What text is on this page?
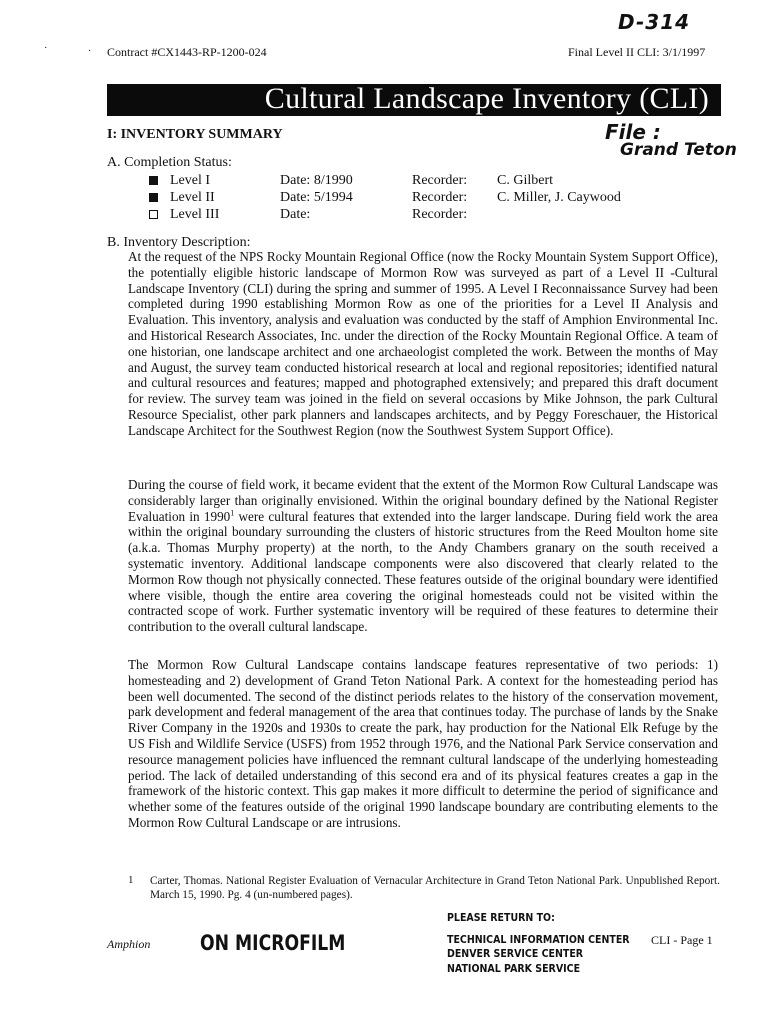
D-314
·	· Contract #CX1443-RP-1200-024	Final Level II CLI: 3/1/1997
Cultural Landscape Inventory (CLI)
I: INVENTORY SUMMARY	File :
Grand Teton
A. Completion Status:
Level I	Date: 8/1990	Recorder: C. Gilbert
Level II	Date: 5/1994	Recorder: C. Miller, J. Caywood
Level III	Date:	Recorder:
B. Inventory Description:

At the request of the NPS Rocky Mountain Regional Office (now the Rocky Mountain System Support Office), the potentially eligible historic landscape of Mormon Row was surveyed as part of a Level II -Cultural Landscape Inventory (CLI) during the spring and summer of 1995. A Level I Reconnaissance Survey had been completed during 1990 establishing Mormon Row as one of the priorities for a Level II Analysis and Evaluation. This inventory, analysis and evaluation was conducted by the staff of Amphion Environmental Inc. and Historical Research Associates, Inc. under the direction of the Rocky Mountain Regional Office. A team of one historian, one landscape architect and one archaeologist completed the work. Between the months of May and August, the survey team conducted historical research at local and regional repositories; identified natural and cultural resources and features; mapped and photographed extensively; and prepared this draft document for review. The survey team was joined in the field on several occasions by Mike Johnson, the park Cultural Resource Specialist, other park planners and landscapes architects, and by Peggy Foreschauer, the Historical Landscape Architect for the Southwest Region (now the Southwest System Support Office).

During the course of field work, it became evident that the extent of the Mormon Row Cultural Landscape was considerably larger than originally envisioned. Within the original boundary defined by the National Register Evaluation in 1990$^1$ were cultural features that extended into the larger landscape. During field work the area within the original boundary surrounding the clusters of historic structures from the Reed Moulton home site (a.k.a. Thomas Murphy property) at the north, to the Andy Chambers granary on the south received a systematic inventory. Additional landscape components were also discovered that clearly related to the Mormon Row though not physically connected. These features outside of the original boundary were identified where visible, though the entire area covering the original homesteads could not be visited within the contracted scope of work. Further systematic inventory will be required of these features to determine their contribution to the overall cultural landscape.

The Mormon Row Cultural Landscape contains landscape features representative of two periods: 1) homesteading and 2) development of Grand Teton National Park. A context for the homesteading period has been well documented. The second of the distinct periods relates to the history of the conservation movement, park development and federal management of the area that continues today. The purchase of lands by the Snake River Company in the 1920s and 1930s to create the park, hay production for the National Elk Refuge by the US Fish and Wildlife Service (USFS) from 1952 through 1976, and the National Park Service conservation and resource management policies have influenced the remnant cultural landscape of the underlying homesteading period. The lack of detailed understanding of this second era and of its physical features creates a gap in the framework of the historic context. This gap makes it more difficult to determine the period of significance and whether some of the features outside of the original 1990 landscape boundary are contributing elements to the Mormon Row Cultural Landscape or are intrusions.

1 Carter, Thomas. National Register Evaluation of Vernacular Architecture in Grand Teton National Park. Unpublished Report. March 15, 1990. Pg. 4 (un-numbered pages).

PLEASE RETURN TO:
Amphion ON MICROFILM	TECHNICAL INFORMATION CENTER
DENVER SERVICE CENTER
NATIONAL PARK SERVICE
CLI - Page 1
